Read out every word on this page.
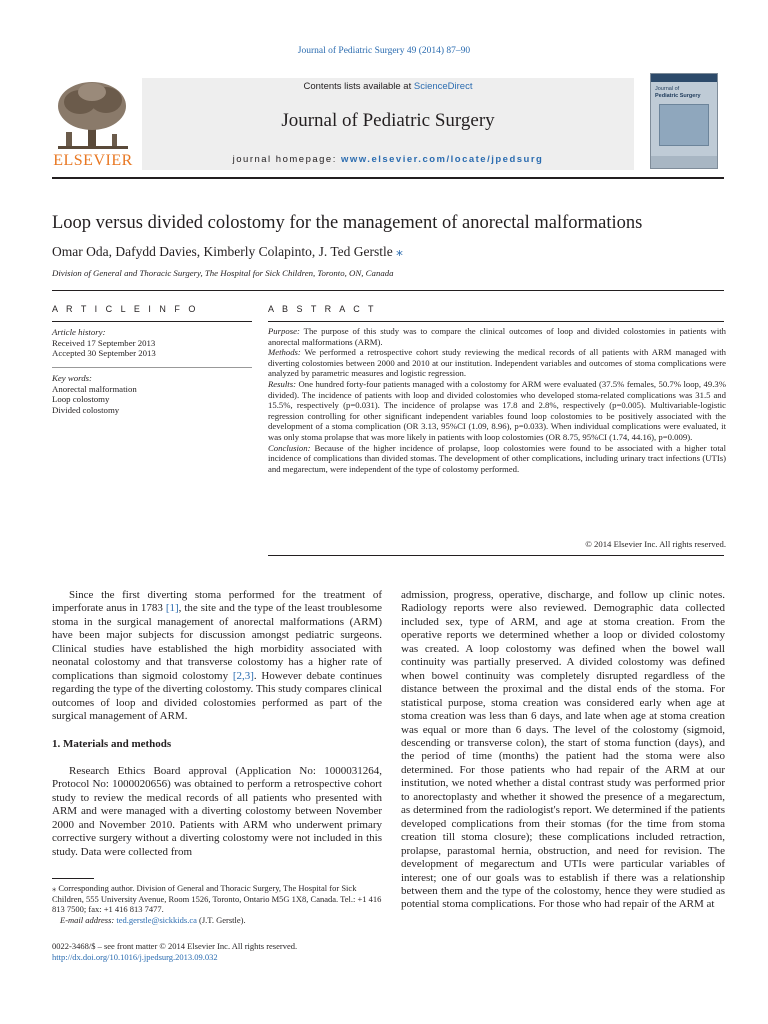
Journal of Pediatric Surgery 49 (2014) 87–90
ELSEVIER
Contents lists available at ScienceDirect
Journal of Pediatric Surgery
journal homepage: www.elsevier.com/locate/jpedsurg
Journal of
Pediatric Surgery
Loop versus divided colostomy for the management of anorectal malformations
Omar Oda, Dafydd Davies, Kimberly Colapinto, J. Ted Gerstle ⁎
Division of General and Thoracic Surgery, The Hospital for Sick Children, Toronto, ON, Canada
A R T I C L E I N F O
Article history:
Received 17 September 2013
Accepted 30 September 2013
Key words:
Anorectal malformation
Loop colostomy
Divided colostomy
A B S T R A C T

Purpose: The purpose of this study was to compare the clinical outcomes of loop and divided colostomies in patients with anorectal malformations (ARM).

Methods: We performed a retrospective cohort study reviewing the medical records of all patients with ARM managed with diverting colostomies between 2000 and 2010 at our institution. Independent variables and outcomes of stoma complications were analyzed by parametric measures and logistic regression.

Results: One hundred forty-four patients managed with a colostomy for ARM were evaluated (37.5% females, 50.7% loop, 49.3% divided). The incidence of patients with loop and divided colostomies who developed stoma-related complications was 31.5 and 15.5%, respectively (p=0.031). The incidence of prolapse was 17.8 and 2.8%, respectively (p=0.005). Multivariable-logistic regression controlling for other significant independent variables found loop colostomies to be positively associated with the development of a stoma complication (OR 3.13, 95%CI (1.09, 8.96), p=0.033). When individual complications were evaluated, it was only stoma prolapse that was more likely in patients with loop colostomies (OR 8.75, 95%CI (1.74, 44.16), p=0.009).

Conclusion: Because of the higher incidence of prolapse, loop colostomies were found to be associated with a higher total incidence of complications than divided stomas. The development of other complications, including urinary tract infections (UTIs) and megarectum, were independent of the type of colostomy performed.

© 2014 Elsevier Inc. All rights reserved.

Since the first diverting stoma performed for the treatment of imperforate anus in 1783 [1], the site and the type of the least troublesome stoma in the surgical management of anorectal malformations (ARM) have been major subjects for discussion amongst pediatric surgeons. Clinical studies have established the high morbidity associated with neonatal colostomy and that transverse colostomy has a higher rate of complications than sigmoid colostomy [2,3]. However debate continues regarding the type of the diverting colostomy. This study compares clinical outcomes of loop and divided colostomies performed as part of the surgical management of ARM.

1. Materials and methods

Research Ethics Board approval (Application No: 1000031264, Protocol No: 1000020656) was obtained to perform a retrospective cohort study to review the medical records of all patients who presented with ARM and were managed with a diverting colostomy between November 2000 and November 2010. Patients with ARM who underwent primary corrective surgery without a diverting colostomy were not included in this study. Data were collected from

admission, progress, operative, discharge, and follow up clinic notes. Radiology reports were also reviewed. Demographic data collected included sex, type of ARM, and age at stoma creation. From the operative reports we determined whether a loop or divided colostomy was created. A loop colostomy was defined when the bowel wall continuity was partially preserved. A divided colostomy was defined when bowel continuity was completely disrupted regardless of the distance between the proximal and the distal ends of the stoma. For statistical purpose, stoma creation was considered early when age at stoma creation was less than 6 days, and late when age at stoma creation was equal or more than 6 days. The level of the colostomy (sigmoid, descending or transverse colon), the start of stoma function (days), and the period of time (months) the patient had the stoma were also determined. For those patients who had repair of the ARM at our institution, we noted whether a distal contrast study was performed prior to anorectoplasty and whether it showed the presence of a megarectum, as determined from the radiologist's report. We determined if the patients developed complications from their stomas (for the time from stoma creation till stoma closure); these complications included retraction, prolapse, parastomal hernia, obstruction, and need for revision. The development of megarectum and UTIs were particular variables of interest; one of our goals was to establish if there was a relationship between them and the type of the colostomy, hence they were studied as potential stoma complications. For those who had repair of the ARM at

⁎ Corresponding author. Division of General and Thoracic Surgery, The Hospital for Sick Children, 555 University Avenue, Room 1526, Toronto, Ontario M5G 1X8, Canada. Tel.: +1 416 813 7500; fax: +1 416 813 7477.

E-mail address: ted.gerstle@sickkids.ca (J.T. Gerstle).

0022-3468/$ – see front matter © 2014 Elsevier Inc. All rights reserved.
http://dx.doi.org/10.1016/j.jpedsurg.2013.09.032
